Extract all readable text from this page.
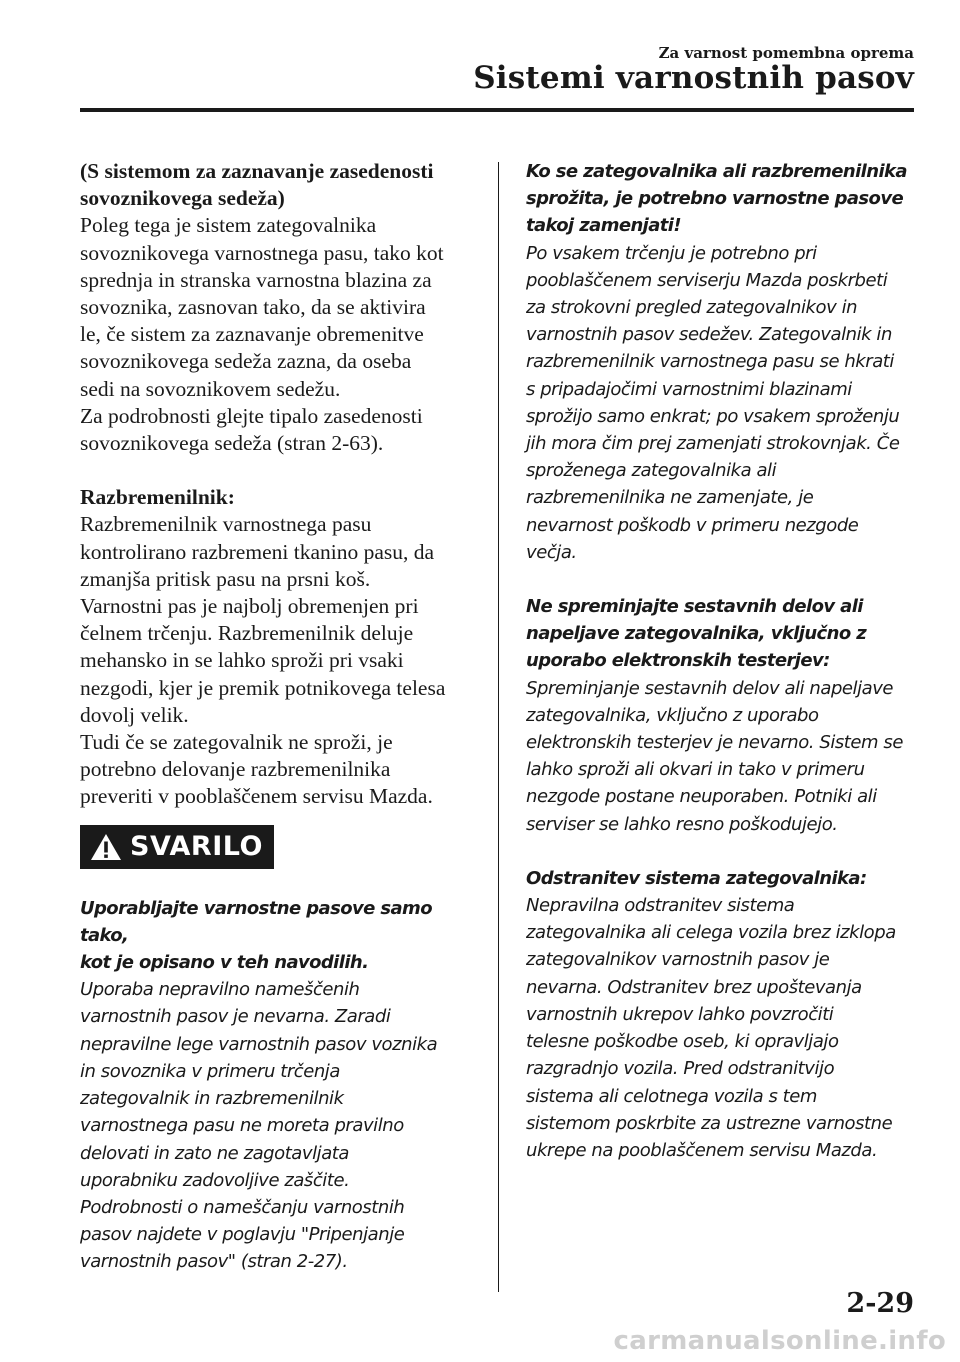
Za varnost pomembna oprema
Sistemi varnostnih pasov

(S sistemom za zaznavanje zasedenosti

sovoznikovega sedeža)

Poleg tega je sistem zategovalnika

sovoznikovega varnostnega pasu, tako kot

sprednja in stranska varnostna blazina za

sovoznika, zasnovan tako, da se aktivira

le, če sistem za zaznavanje obremenitve

sovoznikovega sedeža zazna, da oseba

sedi na sovoznikovem sedežu.

Za podrobnosti glejte tipalo zasedenosti

sovoznikovega sedeža (stran 2-63).

Razbremenilnik:

Razbremenilnik varnostnega pasu

kontrolirano razbremeni tkanino pasu, da

zmanjša pritisk pasu na prsni koš.

Varnostni pas je najbolj obremenjen pri

čelnem trčenju. Razbremenilnik deluje

mehansko in se lahko sproži pri vsaki

nezgodi, kjer je premik potnikovega telesa

dovolj velik.

Tudi če se zategovalnik ne sproži, je

potrebno delovanje razbremenilnika

preveriti v pooblaščenem servisu Mazda.

SVARILO

Uporabljajte varnostne pasove samo tako,

kot je opisano v teh navodilih.

Uporaba nepravilno nameščenih

varnostnih pasov je nevarna. Zaradi

nepravilne lege varnostnih pasov voznika

in sovoznika v primeru trčenja

zategovalnik in razbremenilnik

varnostnega pasu ne moreta pravilno

delovati in zato ne zagotavljata

uporabniku zadovoljive zaščite.

Podrobnosti o nameščanju varnostnih

pasov najdete v poglavju "Pripenjanje

varnostnih pasov" (stran 2-27).

Ko se zategovalnika ali razbremenilnika

sprožita, je potrebno varnostne pasove

takoj zamenjati!

Po vsakem trčenju je potrebno pri

pooblaščenem serviserju Mazda poskrbeti

za strokovni pregled zategovalnikov in

varnostnih pasov sedežev. Zategovalnik in

razbremenilnik varnostnega pasu se hkrati

s pripadajočimi varnostnimi blazinami

sprožijo samo enkrat; po vsakem sproženju

jih mora čim prej zamenjati strokovnjak. Če

sproženega zategovalnika ali

razbremenilnika ne zamenjate, je

nevarnost poškodb v primeru nezgode

večja.

Ne spreminjajte sestavnih delov ali

napeljave zategovalnika, vključno z

uporabo elektronskih testerjev:

Spreminjanje sestavnih delov ali napeljave

zategovalnika, vključno z uporabo

elektronskih testerjev je nevarno. Sistem se

lahko sproži ali okvari in tako v primeru

nezgode postane neuporaben. Potniki ali

serviser se lahko resno poškodujejo.

Odstranitev sistema zategovalnika:

Nepravilna odstranitev sistema

zategovalnika ali celega vozila brez izklopa

zategovalnikov varnostnih pasov je

nevarna. Odstranitev brez upoštevanja

varnostnih ukrepov lahko povzročiti

telesne poškodbe oseb, ki opravljajo

razgradnjo vozila. Pred odstranitvijo

sistema ali celotnega vozila s tem

sistemom poskrbite za ustrezne varnostne

ukrepe na pooblaščenem servisu Mazda.

2-29
carmanualsonline.info
